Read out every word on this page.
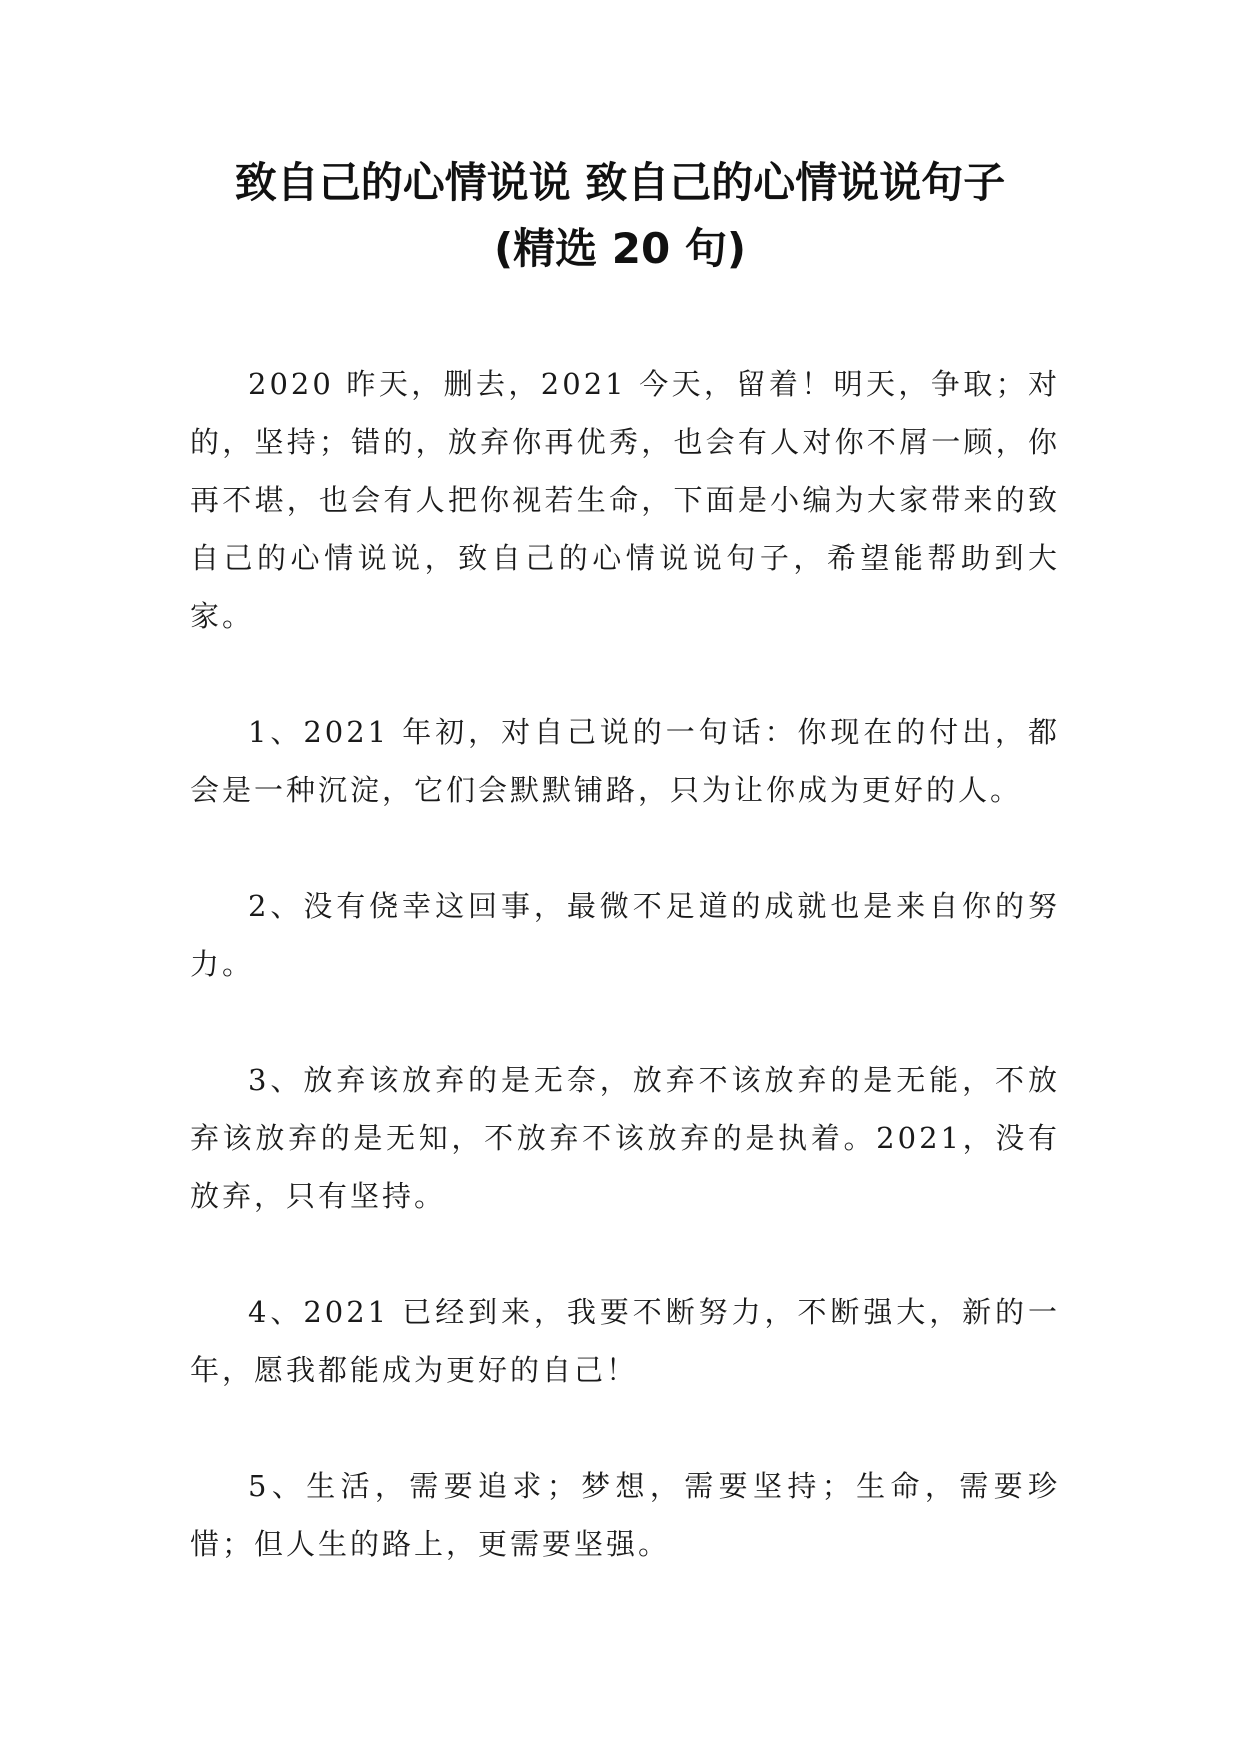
致自己的心情说说 致自己的心情说说句子
(精选 20 句)

2020 昨天，删去，2021 今天，留着！明天，争取；对的，坚持；错的，放弃你再优秀，也会有人对你不屑一顾，你再不堪，也会有人把你视若生命，下面是小编为大家带来的致自己的心情说说，致自己的心情说说句子，希望能帮助到大家。

1、2021 年初，对自己说的一句话：你现在的付出，都会是一种沉淀，它们会默默铺路，只为让你成为更好的人。

2、没有侥幸这回事，最微不足道的成就也是来自你的努力。

3、放弃该放弃的是无奈，放弃不该放弃的是无能，不放弃该放弃的是无知，不放弃不该放弃的是执着。2021，没有放弃，只有坚持。

4、2021 已经到来，我要不断努力，不断强大，新的一年，愿我都能成为更好的自己！

5、生活，需要追求；梦想，需要坚持；生命，需要珍惜；但人生的路上，更需要坚强。
